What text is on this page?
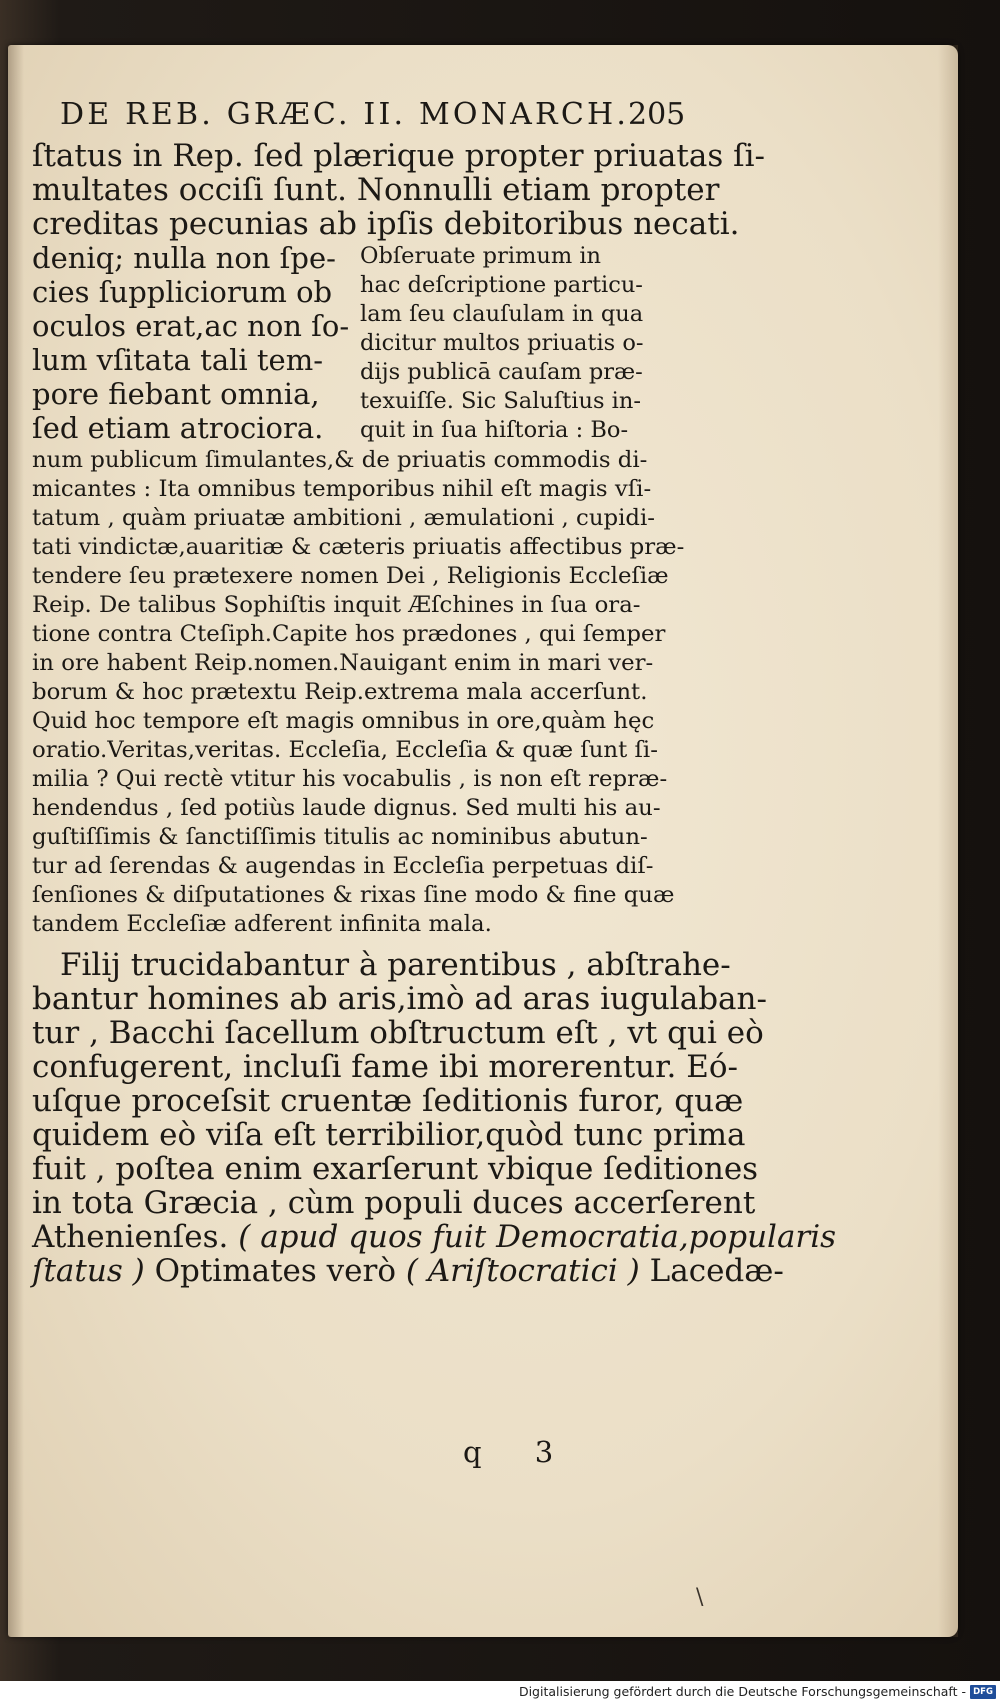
DE REB. GRÆC. II. MONARCH.
205
ſtatus in Rep. ſed plærique propter priuatas ſi-
multates occiſi ſunt. Nonnulli etiam propter
creditas pecunias ab ipſis debitoribus necati.
deniq; nulla non ſpe-
cies ſuppliciorum ob
oculos erat,ac non ſo-
lum vſitata tali tem-
pore fiebant omnia,
ſed etiam atrociora.
Obſeruate primum in
hac deſcriptione particu-
lam ſeu clauſulam in qua
dicitur multos priuatis o-
dijs publicā cauſam præ-
texuiſſe. Sic Saluſtius in-
quit in ſua hiſtoria : Bo-
num publicum ſimulantes,& de priuatis commodis di-
micantes : Ita omnibus temporibus nihil eſt magis vſi-
tatum , quàm priuatæ ambitioni , æmulationi , cupidi-
tati vindictæ,auaritiæ & cæteris priuatis affectibus præ-
tendere ſeu prætexere nomen Dei , Religionis Eccleſiæ
Reip. De talibus Sophiſtis inquit Æſchines in ſua ora-
tione contra Cteſiph.Capite hos prædones , qui ſemper
in ore habent Reip.nomen.Nauigant enim in mari ver-
borum & hoc prætextu Reip.extrema mala accerſunt.
Quid hoc tempore eſt magis omnibus in ore,quàm hęc
oratio.Veritas,veritas. Eccleſia, Eccleſia & quæ ſunt ſi-
milia ? Qui rectè vtitur his vocabulis , is non eſt repræ-
hendendus , ſed potiùs laude dignus. Sed multi his au-
guſtiſſimis & ſanctiſſimis titulis ac nominibus abutun-
tur ad ſerendas & augendas in Eccleſia perpetuas diſ-
ſenſiones & diſputationes & rixas ſine modo & fine quæ
tandem Eccleſiæ adferent infinita mala.
Filij trucidabantur à parentibus , abſtrahe-
bantur homines ab aris,imò ad aras iugulaban-
tur , Bacchi ſacellum obſtructum eſt , vt qui eò
confugerent, incluſi fame ibi morerentur. Eó-
uſque proceſsit cruentæ ſeditionis furor, quæ
quidem eò viſa eſt terribilior,quòd tunc prima
fuit , poſtea enim exarſerunt vbique ſeditiones
in tota Græcia , cùm populi duces accerſerent
Athenienſes. ( apud quos fuit Democratia,popularis
ſtatus ) Optimates verò ( Ariſtocratici ) Lacedæ-
q 3
\
Digitalisierung gefördert durch die Deutsche Forschungsgemeinschaft - DFG
